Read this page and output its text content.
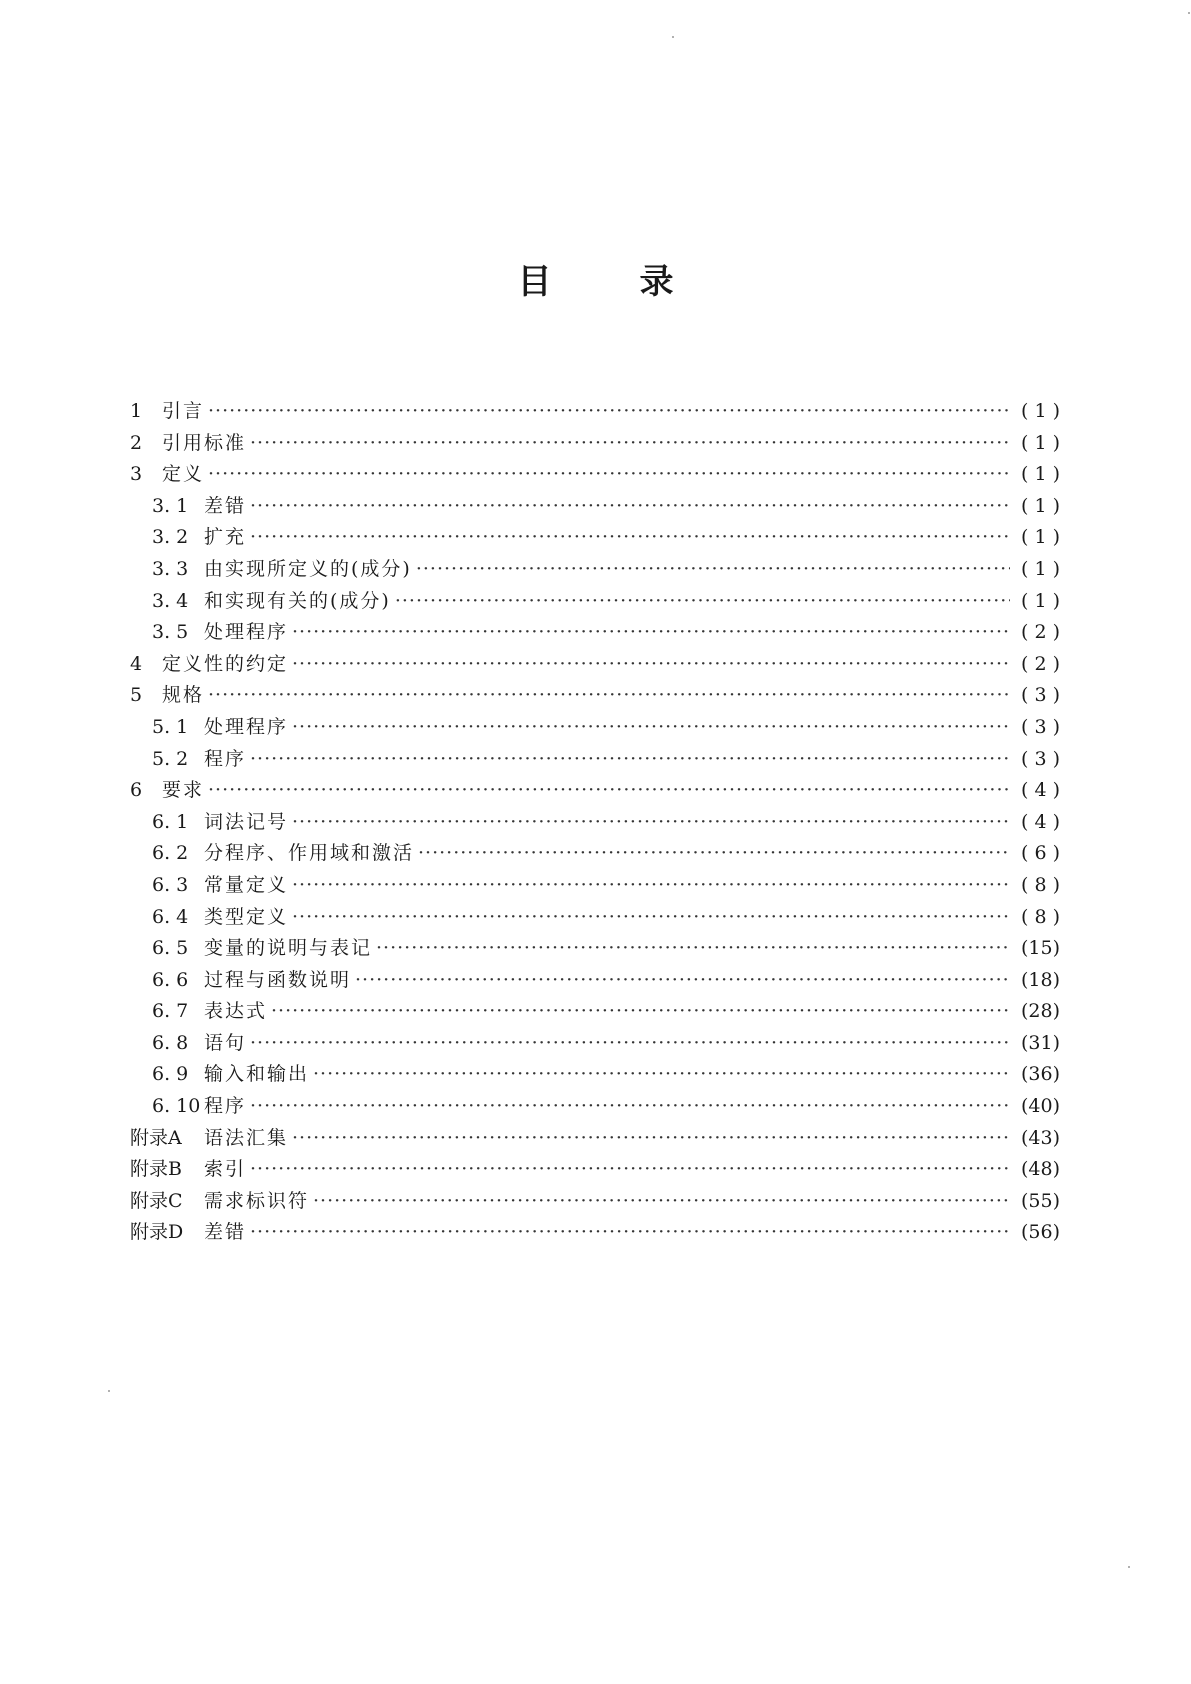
目	录
1	引言 ·····	( 1 )
2	引用标准 ·····	( 1 )
3	定义 ·····	( 1 )
3. 1 差错 ·····	( 1 )
3. 2 扩充 ·····	( 1 )
3. 3 由实现所定义的(成分) ·····	( 1 )
3. 4 和实现有关的(成分) ·····	( 1 )
3. 5 处理程序 ·····	( 2 )
4	定义性的约定 ·····	( 2 )
5	规格 ·····	( 3 )
5. 1 处理程序 ·····	( 3 )
5. 2 程序 ·····	( 3 )
6	要求 ·····	( 4 )
6. 1 词法记号 ·····	( 4 )
6. 2 分程序、作用域和激活 ·····	( 6 )
6. 3 常量定义 ·····	( 8 )
6. 4 类型定义 ·····	( 8 )
6. 5 变量的说明与表记 ·····	(15)
6. 6 过程与函数说明 ·····	(18)
6. 7 表达式 ·····	(28)
6. 8 语句 ·····	(31)
6. 9 输入和输出 ·····	(36)
6. 10 程序 ·····	(40)
附录A	语法汇集 ·····	(43)
附录B	索引 ·····	(48)
附录C	需求标识符 ·····	(55)
附录D	差错 ·····	(56)
